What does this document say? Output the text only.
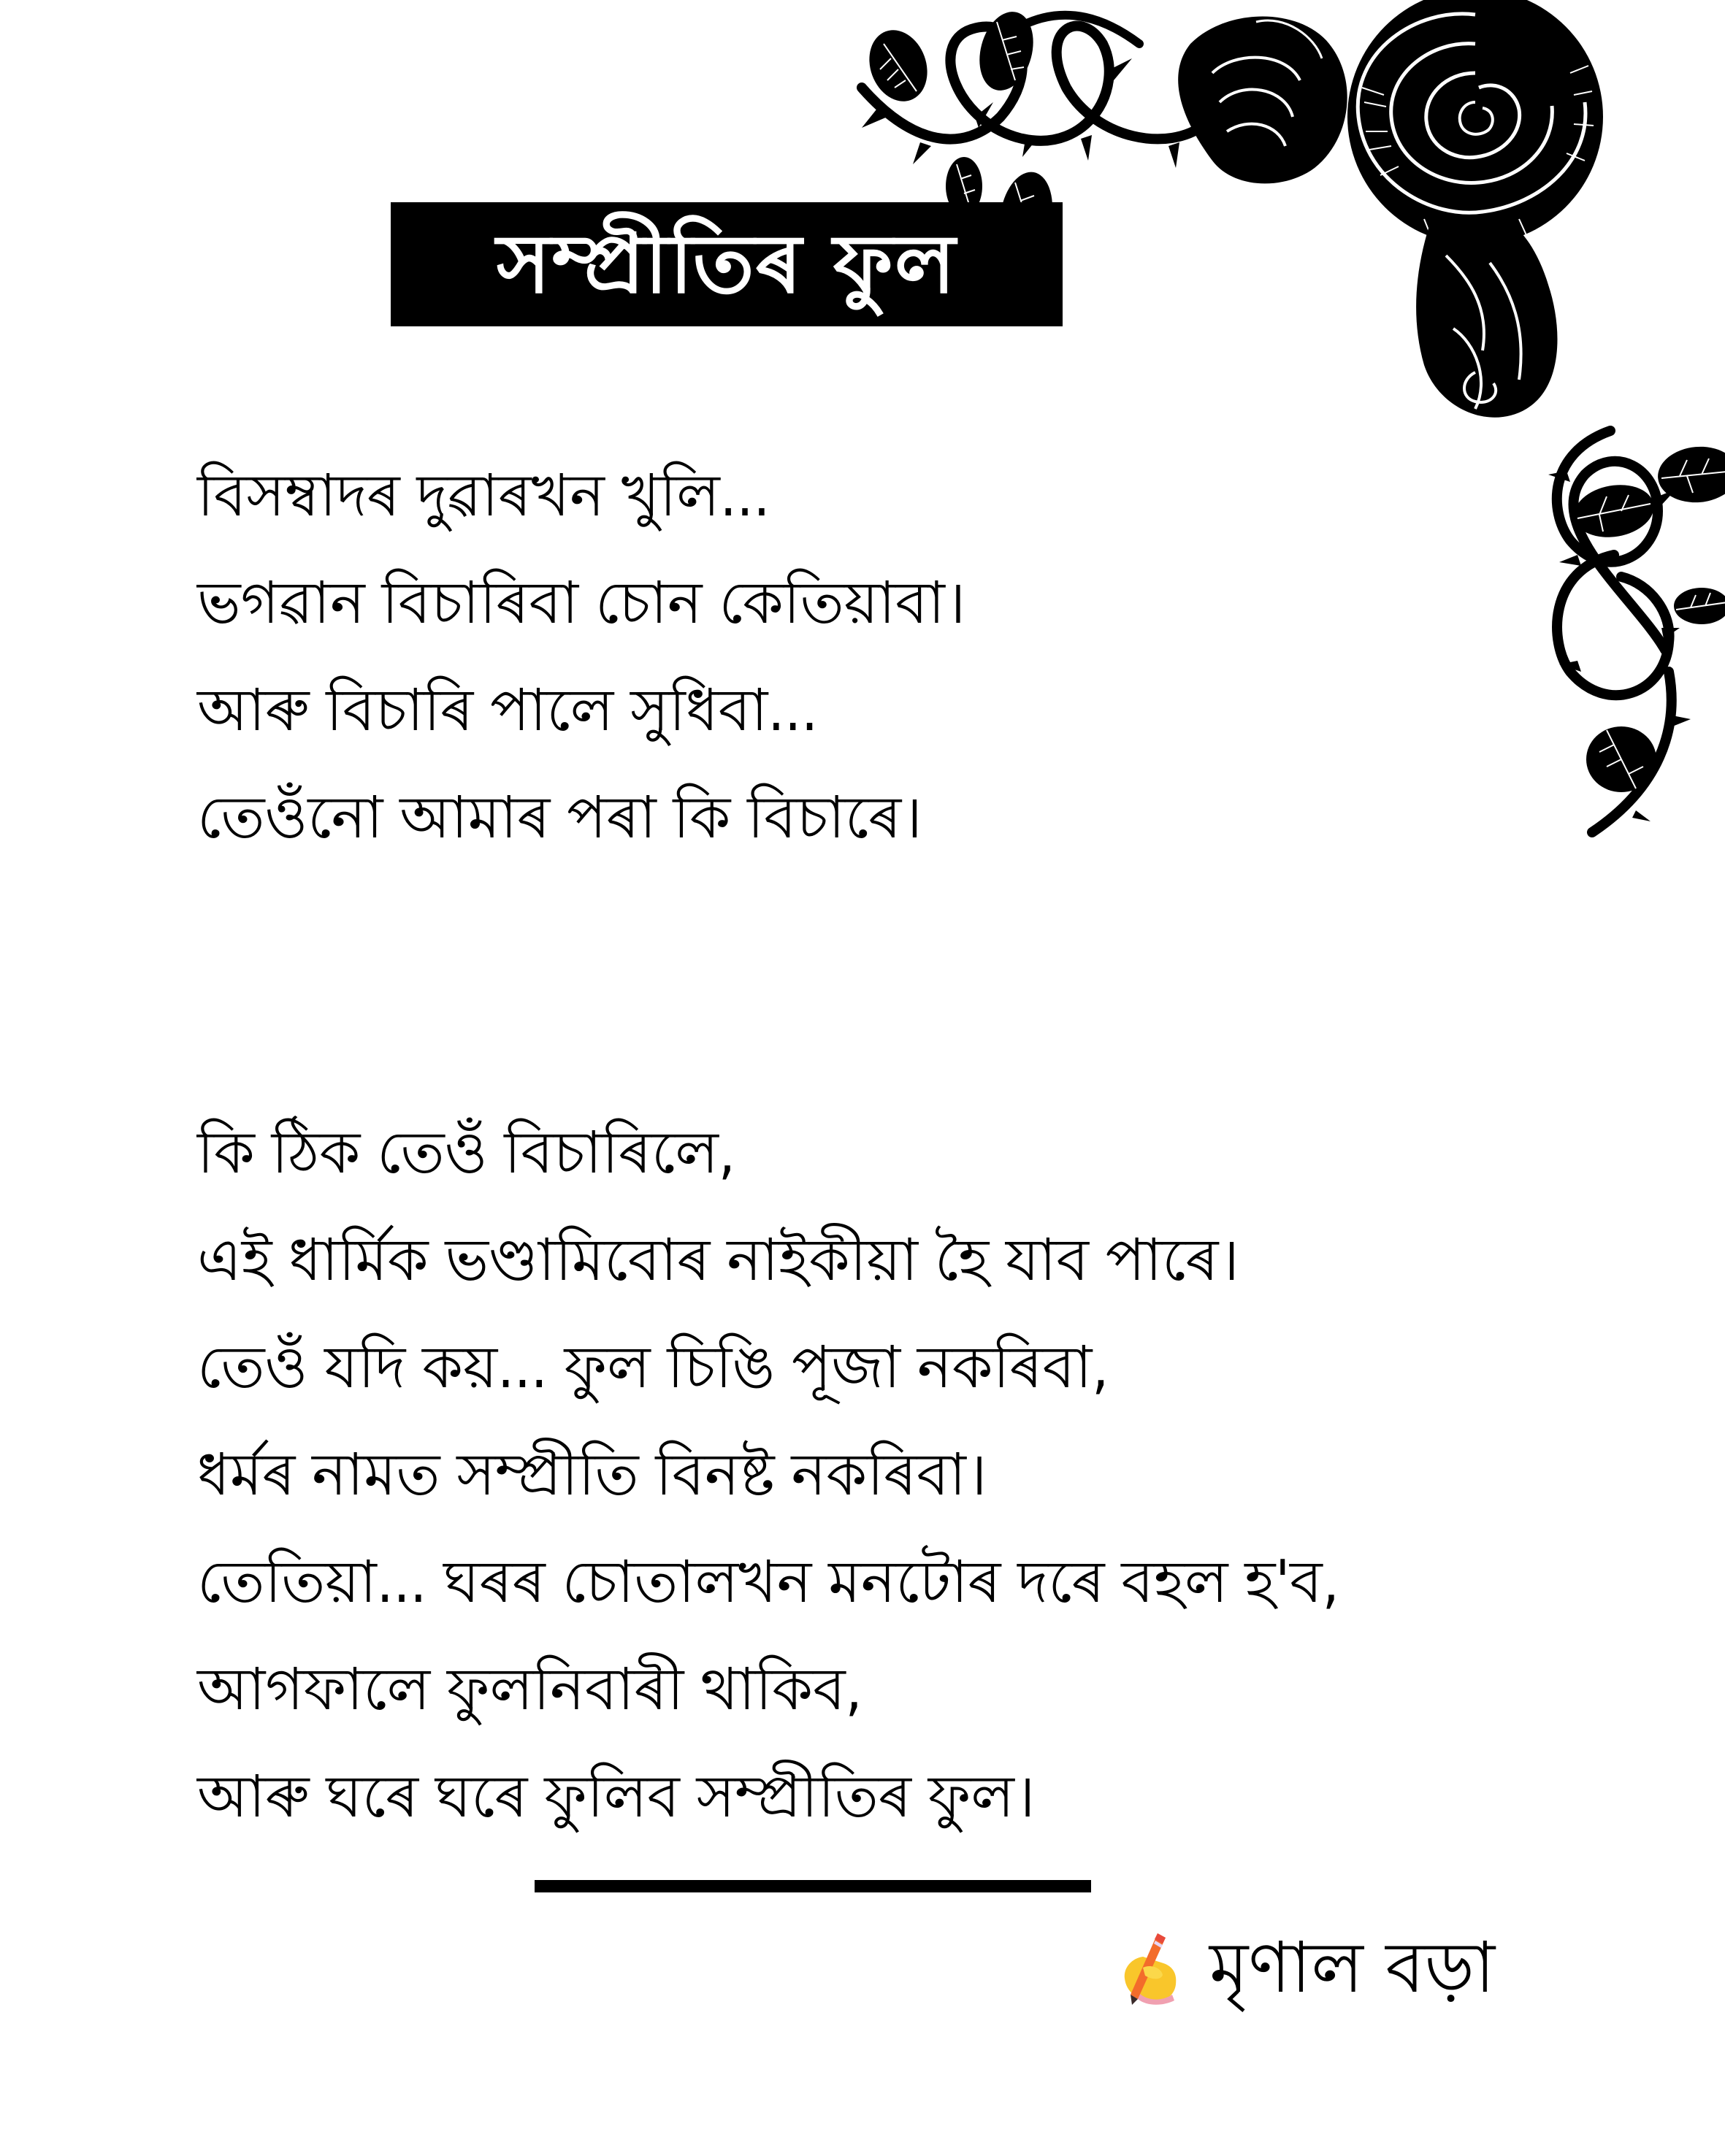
সম্প্ৰীতিৰ ফুল
বিসম্বাদৰ দুৱাৰখন খুলি...
ভগৱান বিচাৰিবা চোন কেতিয়াবা।
আৰু বিচাৰি পালে সুধিবা...
তেওঁনো আমাৰ পৰা কি বিচাৰে।
কি ঠিক তেওঁ বিচাৰিলে,
এই ধাৰ্মিক ভণ্ডামিবোৰ নাইকীয়া হৈ যাব পাৰে।
তেওঁ যদি কয়... ফুল চিঙি পূজা নকৰিবা,
ধৰ্মৰ নামত সম্প্ৰীতি বিনষ্ট নকৰিবা।
তেতিয়া... ঘৰৰ চোতালখন মনটোৰ দৰে বহল হ'ব,
আগফালে ফুলনিবাৰী থাকিব,
আৰু ঘৰে ঘৰে ফুলিব সম্প্ৰীতিৰ ফুল।
মৃণাল বড়া
